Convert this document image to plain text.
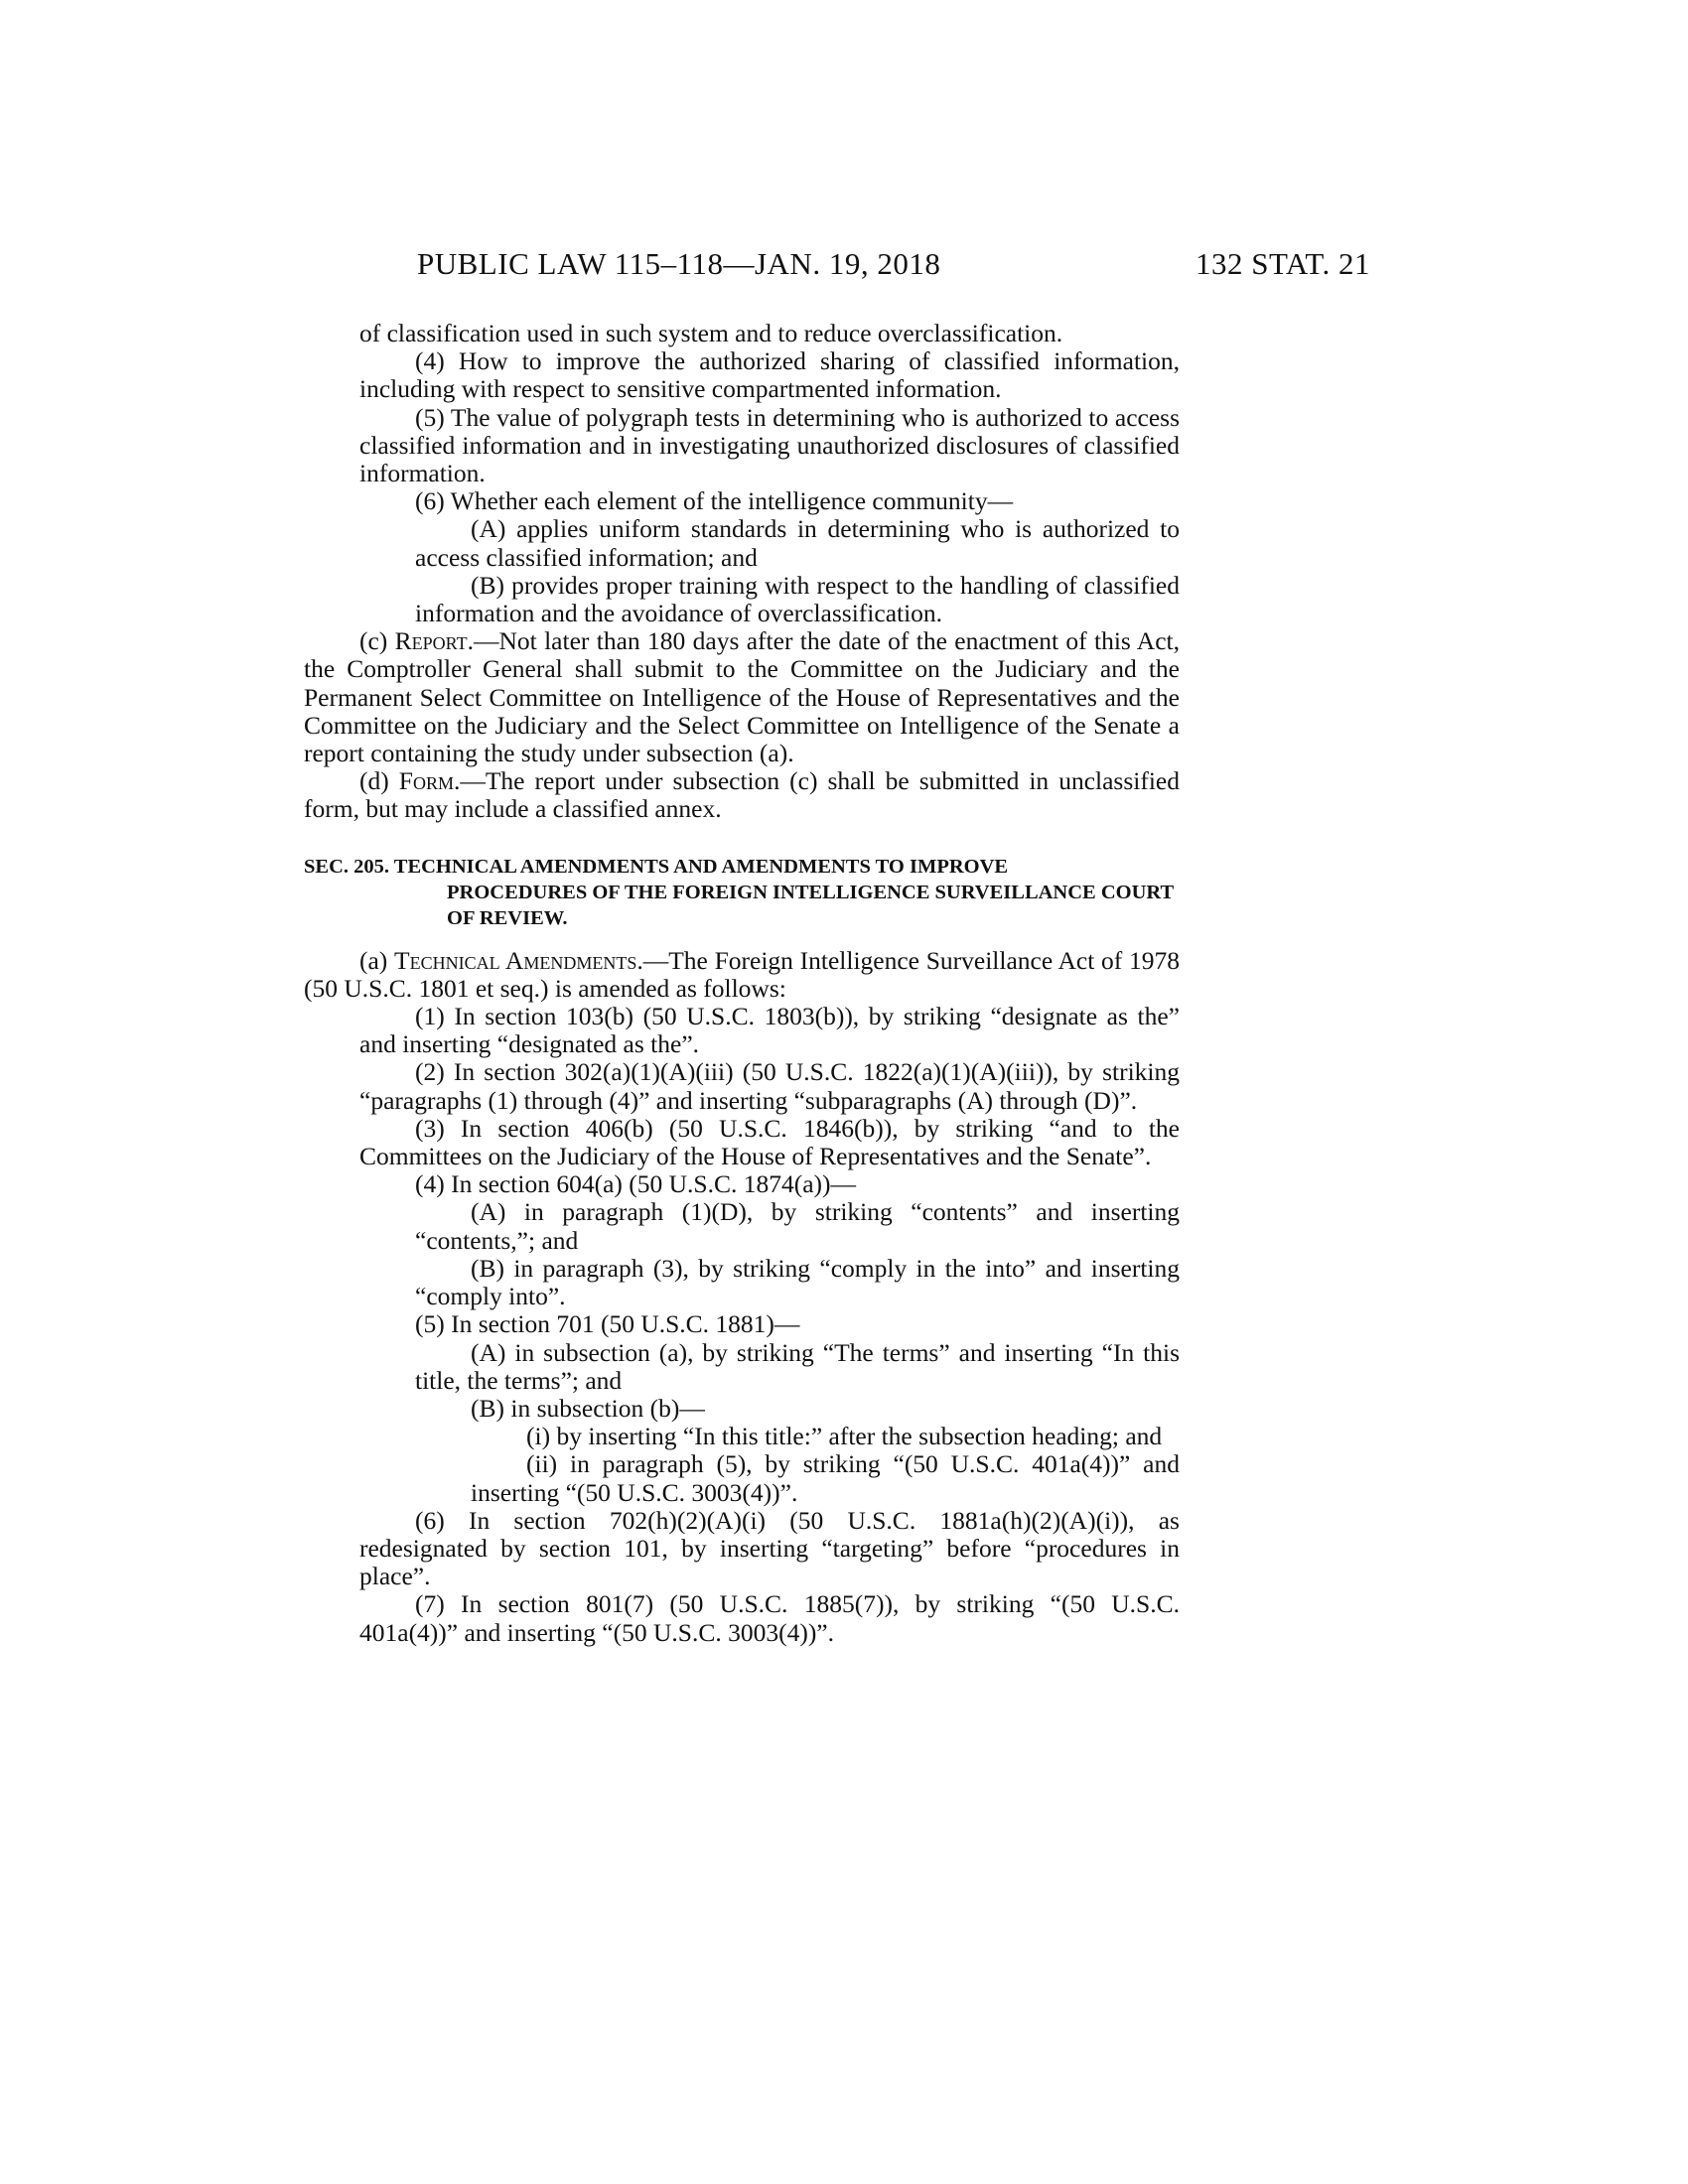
PUBLIC LAW 115–118—JAN. 19, 2018	132 STAT. 21

of classification used in such system and to reduce overclassification.

(4) How to improve the authorized sharing of classified information, including with respect to sensitive compartmented information.

(5) The value of polygraph tests in determining who is authorized to access classified information and in investigating unauthorized disclosures of classified information.

(6) Whether each element of the intelligence community—

(A) applies uniform standards in determining who is authorized to access classified information; and

(B) provides proper training with respect to the handling of classified information and the avoidance of overclassification.

(c) Report.—Not later than 180 days after the date of the enactment of this Act, the Comptroller General shall submit to the Committee on the Judiciary and the Permanent Select Committee on Intelligence of the House of Representatives and the Committee on the Judiciary and the Select Committee on Intelligence of the Senate a report containing the study under subsection (a).

(d) Form.—The report under subsection (c) shall be submitted in unclassified form, but may include a classified annex.

SEC. 205. TECHNICAL AMENDMENTS AND AMENDMENTS TO IMPROVE
PROCEDURES OF THE FOREIGN INTELLIGENCE SURVEILLANCE COURT OF REVIEW.

(a) Technical Amendments.—The Foreign Intelligence Surveillance Act of 1978 (50 U.S.C. 1801 et seq.) is amended as follows:

(1) In section 103(b) (50 U.S.C. 1803(b)), by striking “designate as the” and inserting “designated as the”.

(2) In section 302(a)(1)(A)(iii) (50 U.S.C. 1822(a)(1)(A)(iii)), by striking “paragraphs (1) through (4)” and inserting “subparagraphs (A) through (D)”.

(3) In section 406(b) (50 U.S.C. 1846(b)), by striking “and to the Committees on the Judiciary of the House of Representatives and the Senate”.

(4) In section 604(a) (50 U.S.C. 1874(a))—

(A) in paragraph (1)(D), by striking “contents” and inserting “contents,”; and

(B) in paragraph (3), by striking “comply in the into” and inserting “comply into”.

(5) In section 701 (50 U.S.C. 1881)—

(A) in subsection (a), by striking “The terms” and inserting “In this title, the terms”; and

(B) in subsection (b)—

(i) by inserting “In this title:” after the subsection heading; and

(ii) in paragraph (5), by striking “(50 U.S.C. 401a(4))” and inserting “(50 U.S.C. 3003(4))”.

(6) In section 702(h)(2)(A)(i) (50 U.S.C. 1881a(h)(2)(A)(i)), as redesignated by section 101, by inserting “targeting” before “procedures in place”.

(7) In section 801(7) (50 U.S.C. 1885(7)), by striking “(50 U.S.C. 401a(4))” and inserting “(50 U.S.C. 3003(4))”.
